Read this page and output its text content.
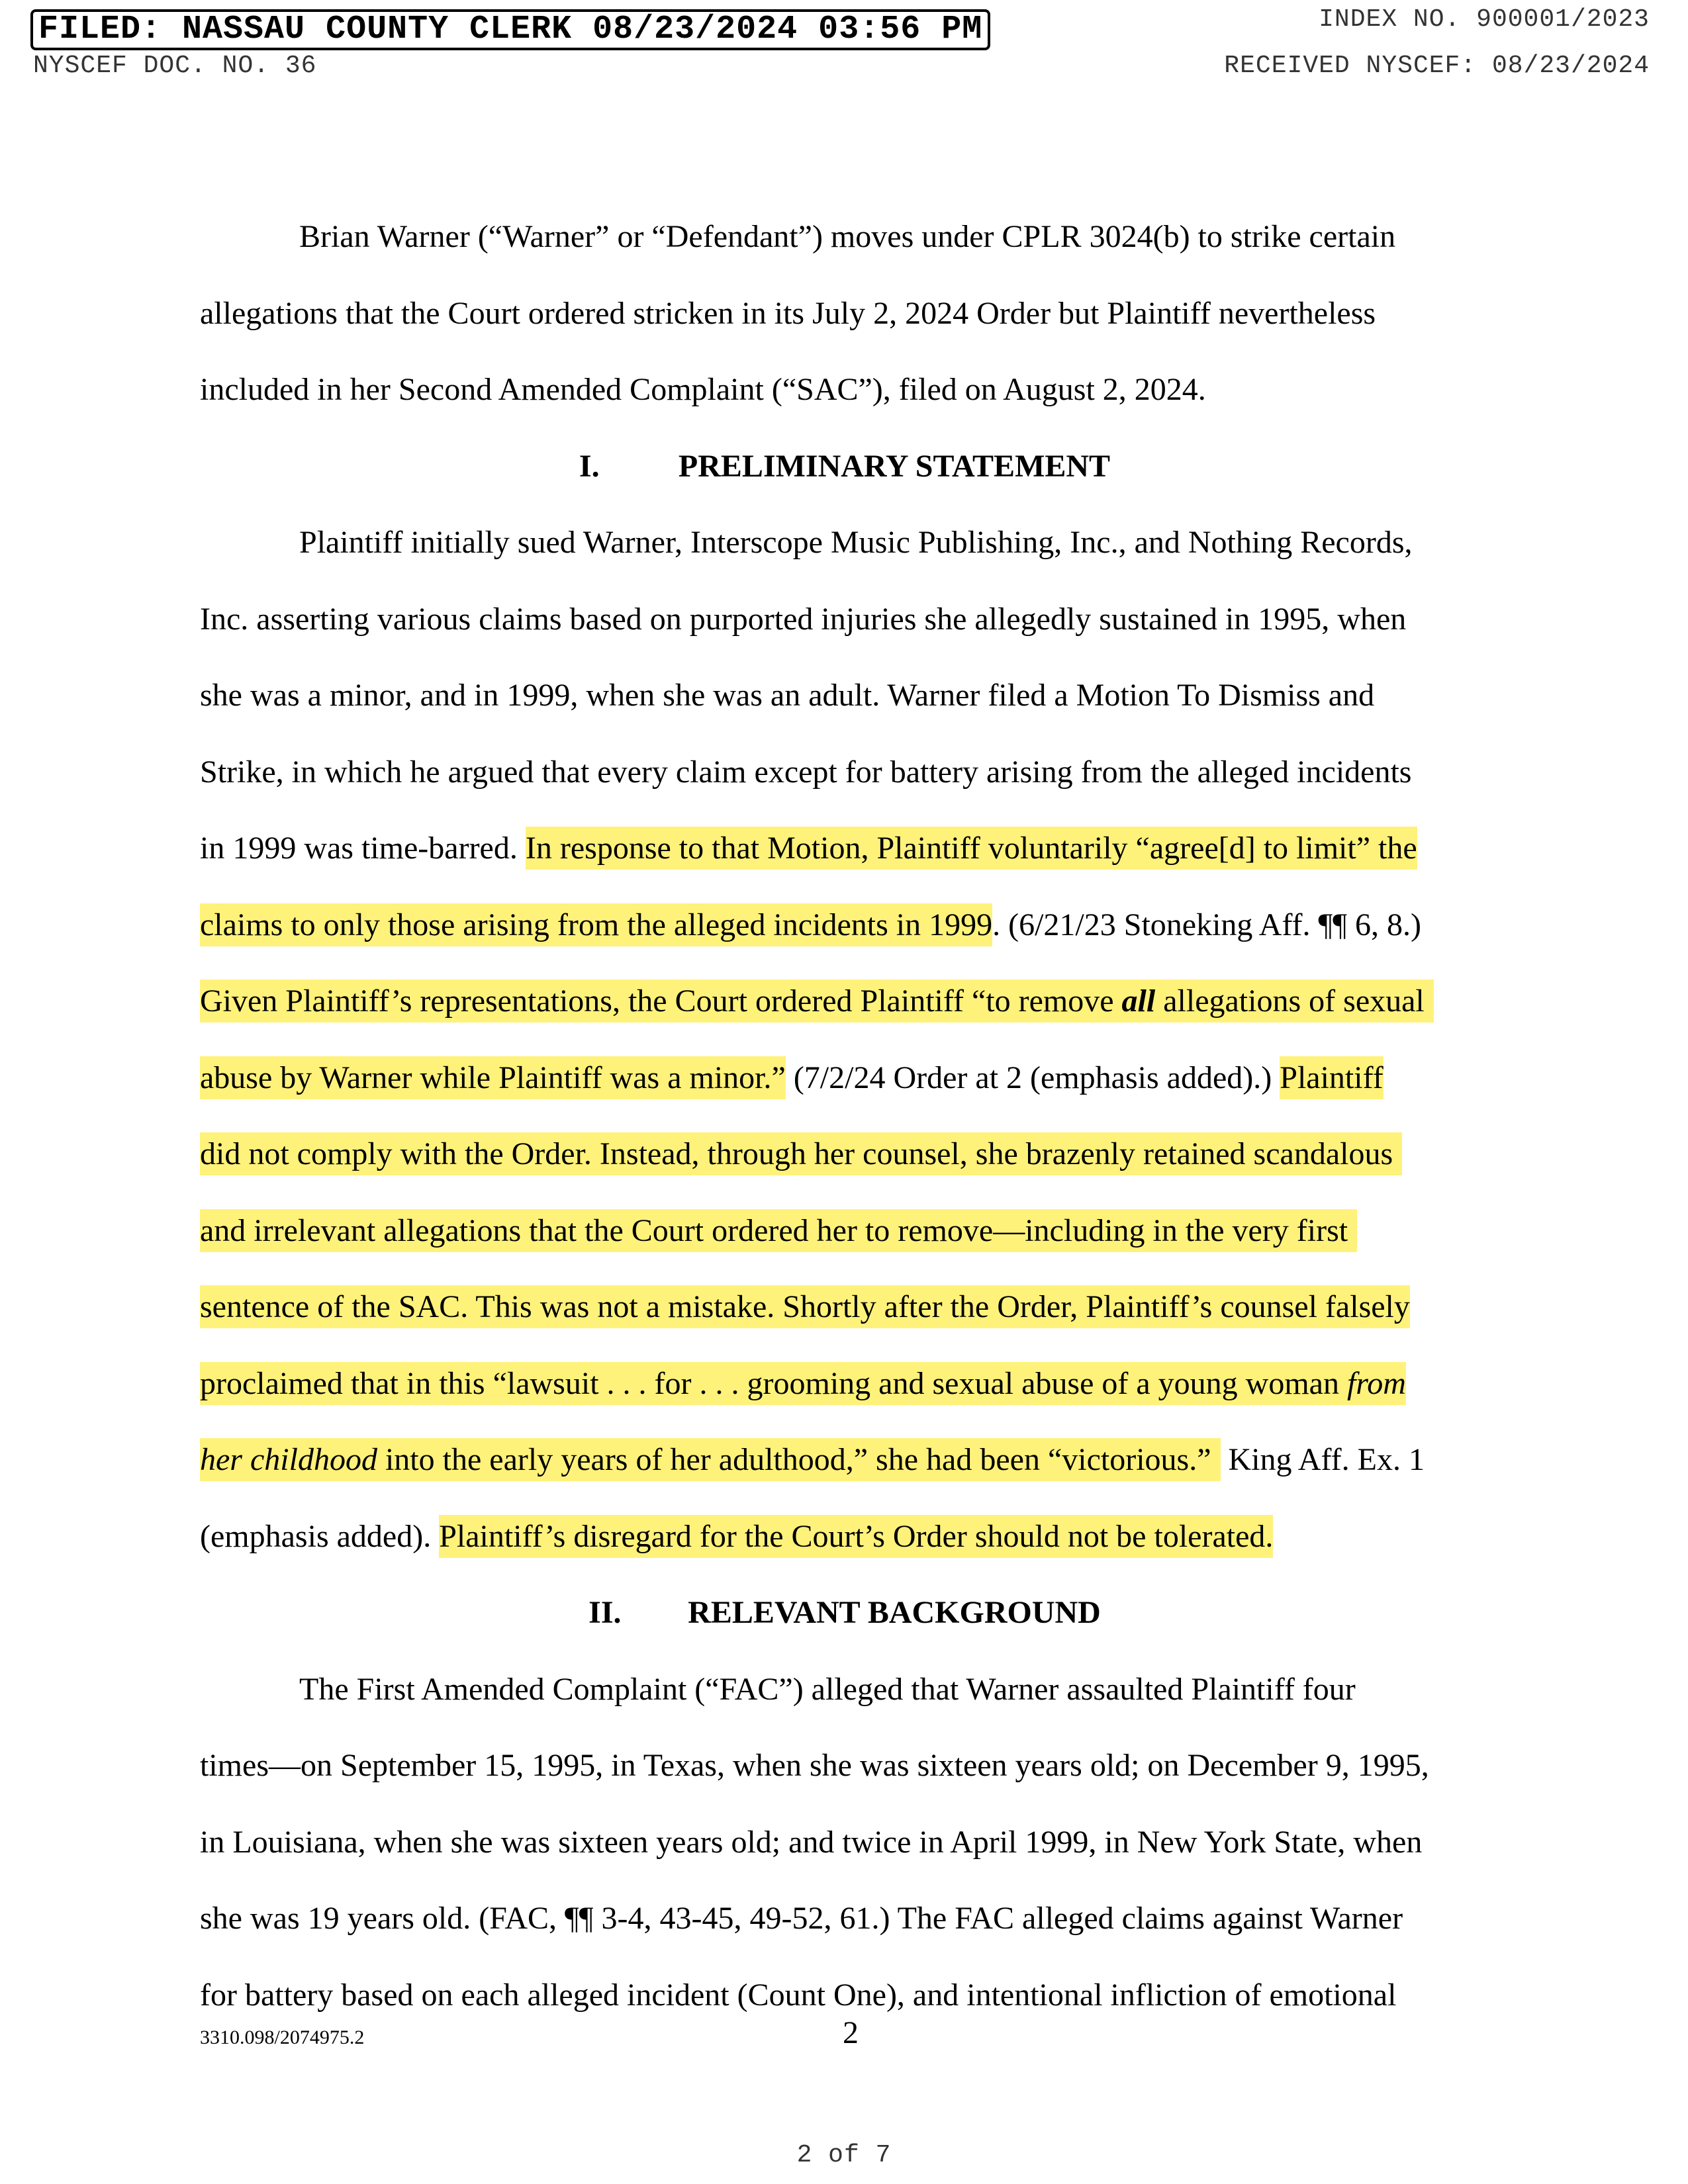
FILED: NASSAU COUNTY CLERK 08/23/2024 03:56 PM	INDEX NO. 900001/2023
NYSCEF DOC. NO. 36	RECEIVED NYSCEF: 08/23/2024
Brian Warner (“Warner” or “Defendant”) moves under CPLR 3024(b) to strike certain
allegations that the Court ordered stricken in its July 2, 2024 Order but Plaintiff nevertheless
included in her Second Amended Complaint (“SAC”), filed on August 2, 2024.
I. PRELIMINARY STATEMENT
Plaintiff initially sued Warner, Interscope Music Publishing, Inc., and Nothing Records,
Inc. asserting various claims based on purported injuries she allegedly sustained in 1995, when
she was a minor, and in 1999, when she was an adult. Warner filed a Motion To Dismiss and
Strike, in which he argued that every claim except for battery arising from the alleged incidents
in 1999 was time-barred. In response to that Motion, Plaintiff voluntarily “agree[d] to limit” the
claims to only those arising from the alleged incidents in 1999. (6/21/23 Stoneking Aff. ¶¶ 6, 8.)
Given Plaintiff’s representations, the Court ordered Plaintiff “to remove all allegations of sexual
abuse by Warner while Plaintiff was a minor.” (7/2/24 Order at 2 (emphasis added).) Plaintiff
did not comply with the Order. Instead, through her counsel, she brazenly retained scandalous
and irrelevant allegations that the Court ordered her to remove—including in the very first
sentence of the SAC. This was not a mistake. Shortly after the Order, Plaintiff’s counsel falsely
proclaimed that in this “lawsuit . . . for . . . grooming and sexual abuse of a young woman from
her childhood into the early years of her adulthood,” she had been “victorious.” King Aff. Ex. 1
(emphasis added). Plaintiff’s disregard for the Court’s Order should not be tolerated.
II. RELEVANT BACKGROUND
The First Amended Complaint (“FAC”) alleged that Warner assaulted Plaintiff four
times—on September 15, 1995, in Texas, when she was sixteen years old; on December 9, 1995,
in Louisiana, when she was sixteen years old; and twice in April 1999, in New York State, when
she was 19 years old. (FAC, ¶¶ 3-4, 43-45, 49-52, 61.) The FAC alleged claims against Warner
for battery based on each alleged incident (Count One), and intentional infliction of emotional
3310.098/2074975.2	2
2 of 7
